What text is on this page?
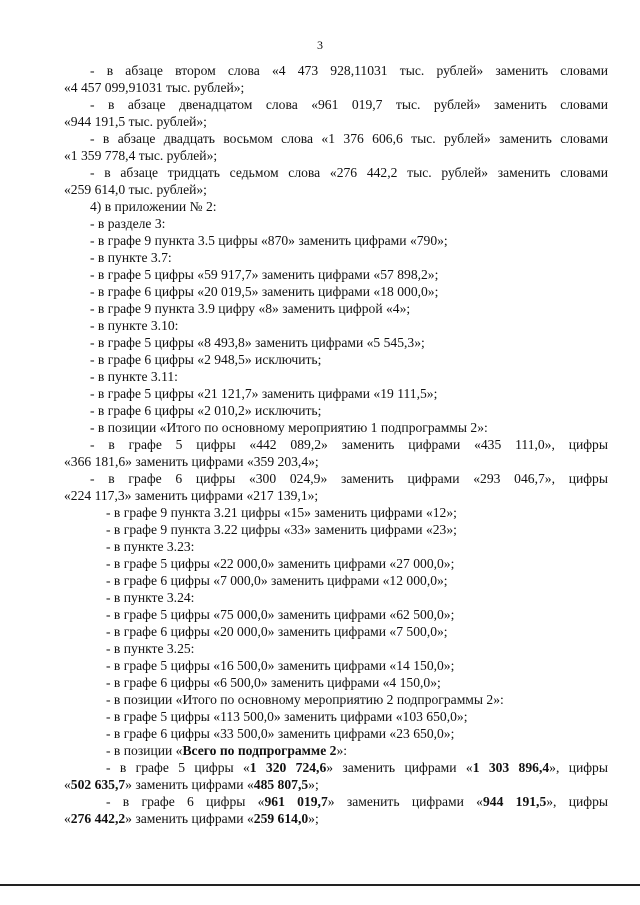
3
- в абзаце втором слова «4 473 928,11031 тыс. рублей» заменить словами
«4 457 099,91031 тыс. рублей»;
- в абзаце двенадцатом слова «961 019,7 тыс. рублей» заменить словами
«944 191,5 тыс. рублей»;
- в абзаце двадцать восьмом слова «1 376 606,6 тыс. рублей» заменить словами
«1 359 778,4 тыс. рублей»;
- в абзаце тридцать седьмом слова «276 442,2 тыс. рублей» заменить словами
«259 614,0 тыс. рублей»;
4) в приложении № 2:
- в разделе 3:
- в графе 9 пункта 3.5 цифры «870» заменить цифрами «790»;
- в пункте 3.7:
- в графе 5 цифры «59 917,7» заменить цифрами «57 898,2»;
- в графе 6 цифры «20 019,5» заменить цифрами «18 000,0»;
- в графе 9 пункта 3.9 цифру «8» заменить цифрой «4»;
- в пункте 3.10:
- в графе 5 цифры «8 493,8» заменить цифрами «5 545,3»;
- в графе 6 цифры «2 948,5» исключить;
- в пункте 3.11:
- в графе 5 цифры «21 121,7» заменить цифрами «19 111,5»;
- в графе 6 цифры «2 010,2» исключить;
- в позиции «Итого по основному мероприятию 1 подпрограммы 2»:
- в графе 5 цифры «442 089,2» заменить цифрами «435 111,0», цифры
«366 181,6» заменить цифрами «359 203,4»;
- в графе 6 цифры «300 024,9» заменить цифрами «293 046,7», цифры
«224 117,3» заменить цифрами «217 139,1»;
- в графе 9 пункта 3.21 цифры «15» заменить цифрами «12»;
- в графе 9 пункта 3.22 цифры «33» заменить цифрами «23»;
- в пункте 3.23:
- в графе 5 цифры «22 000,0» заменить цифрами «27 000,0»;
- в графе 6 цифры «7 000,0» заменить цифрами «12 000,0»;
- в пункте 3.24:
- в графе 5 цифры «75 000,0» заменить цифрами «62 500,0»;
- в графе 6 цифры «20 000,0» заменить цифрами «7 500,0»;
- в пункте 3.25:
- в графе 5 цифры «16 500,0» заменить цифрами «14 150,0»;
- в графе 6 цифры «6 500,0» заменить цифрами «4 150,0»;
- в позиции «Итого по основному мероприятию 2 подпрограммы 2»:
- в графе 5 цифры «113 500,0» заменить цифрами «103 650,0»;
- в графе 6 цифры «33 500,0» заменить цифрами «23 650,0»;
- в позиции «Всего по подпрограмме 2»:
- в графе 5 цифры «1 320 724,6» заменить цифрами «1 303 896,4», цифры
«502 635,7» заменить цифрами «485 807,5»;
- в графе 6 цифры «961 019,7» заменить цифрами «944 191,5», цифры
«276 442,2» заменить цифрами «259 614,0»;
